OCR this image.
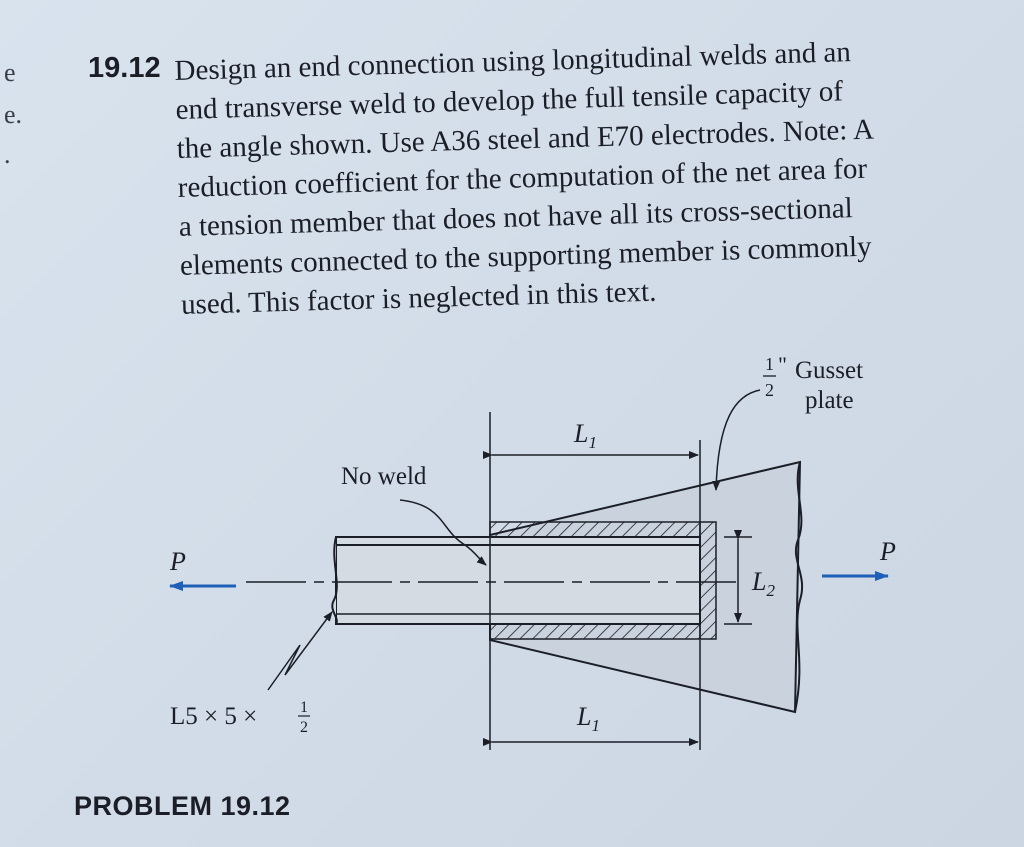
e
e.
.
19.12 Design an end connection using longitudinal welds and an
end transverse weld to develop the full tensile capacity of
the angle shown. Use A36 steel and E70 electrodes. Note: A
reduction coefficient for the computation of the net area for
a tension member that does not have all its cross-sectional
elements connected to the supporting member is commonly
used. This factor is neglected in this text.
P	P
No weld
$L_1$
$L_1$
$L_2$
1
2
" Gusset
plate
L5 × 5 ×	1
2
PROBLEM 19.12
